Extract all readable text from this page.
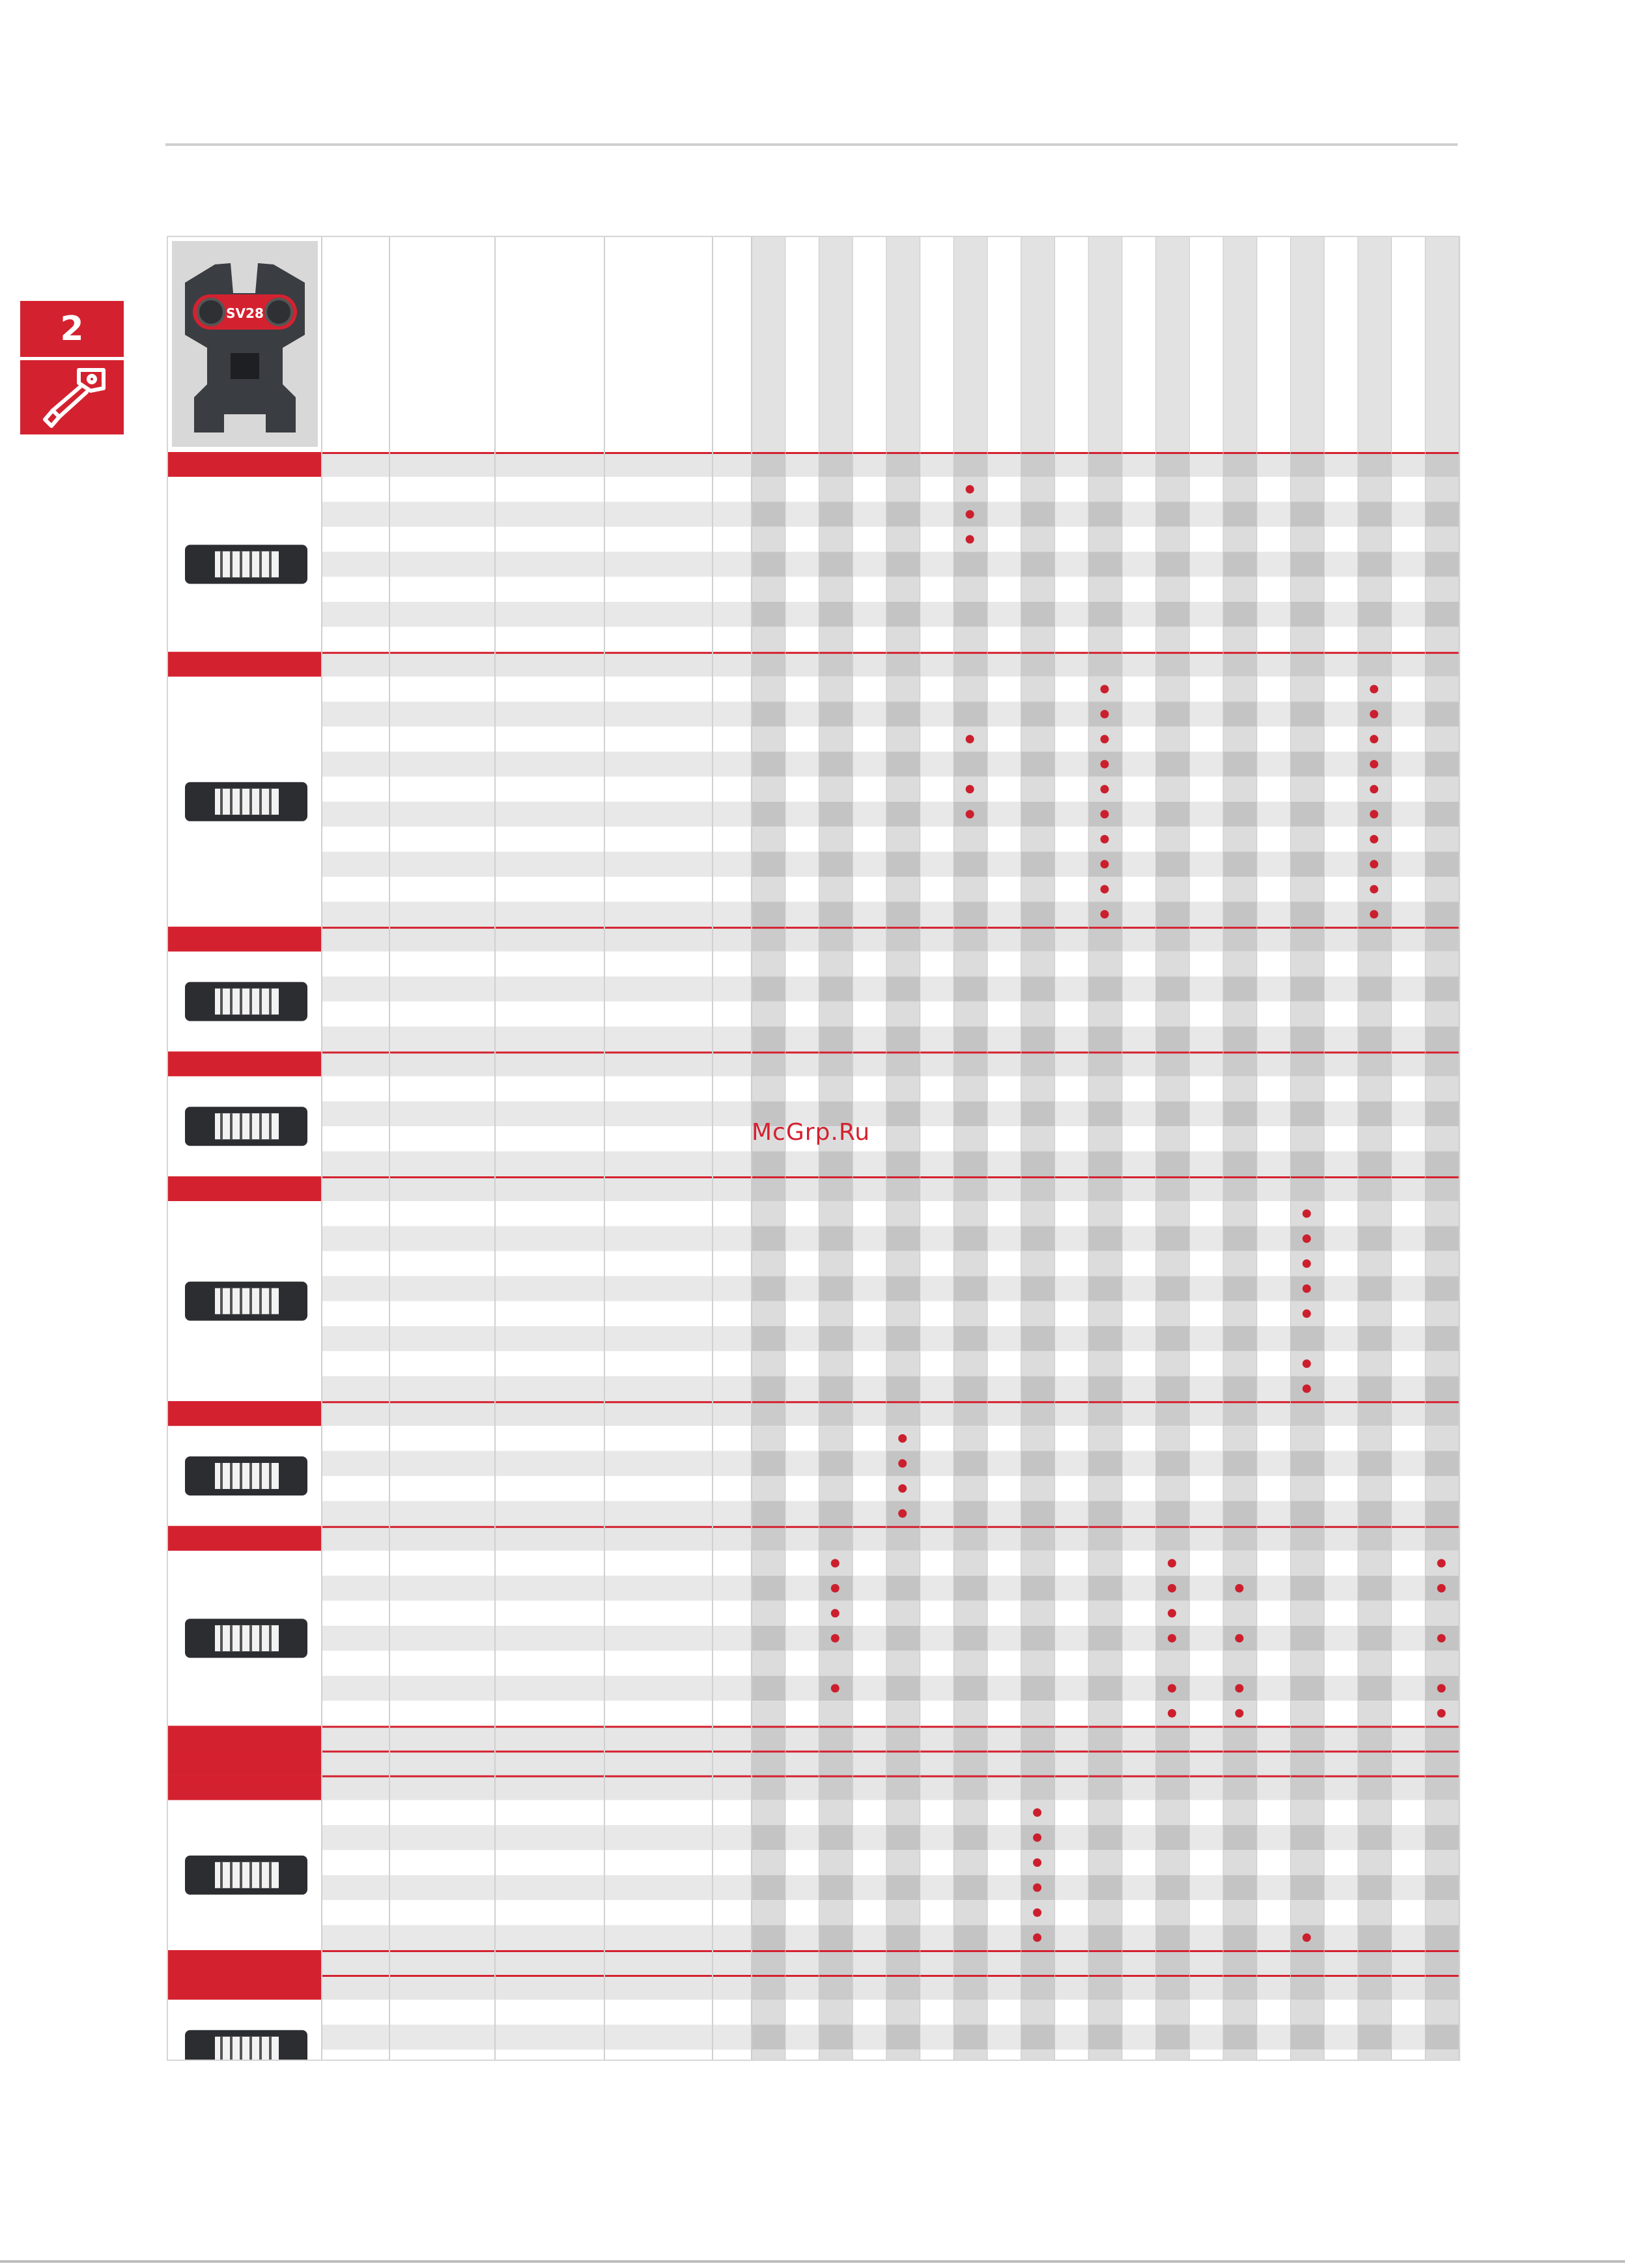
2	SV28
McGrp.Ru
